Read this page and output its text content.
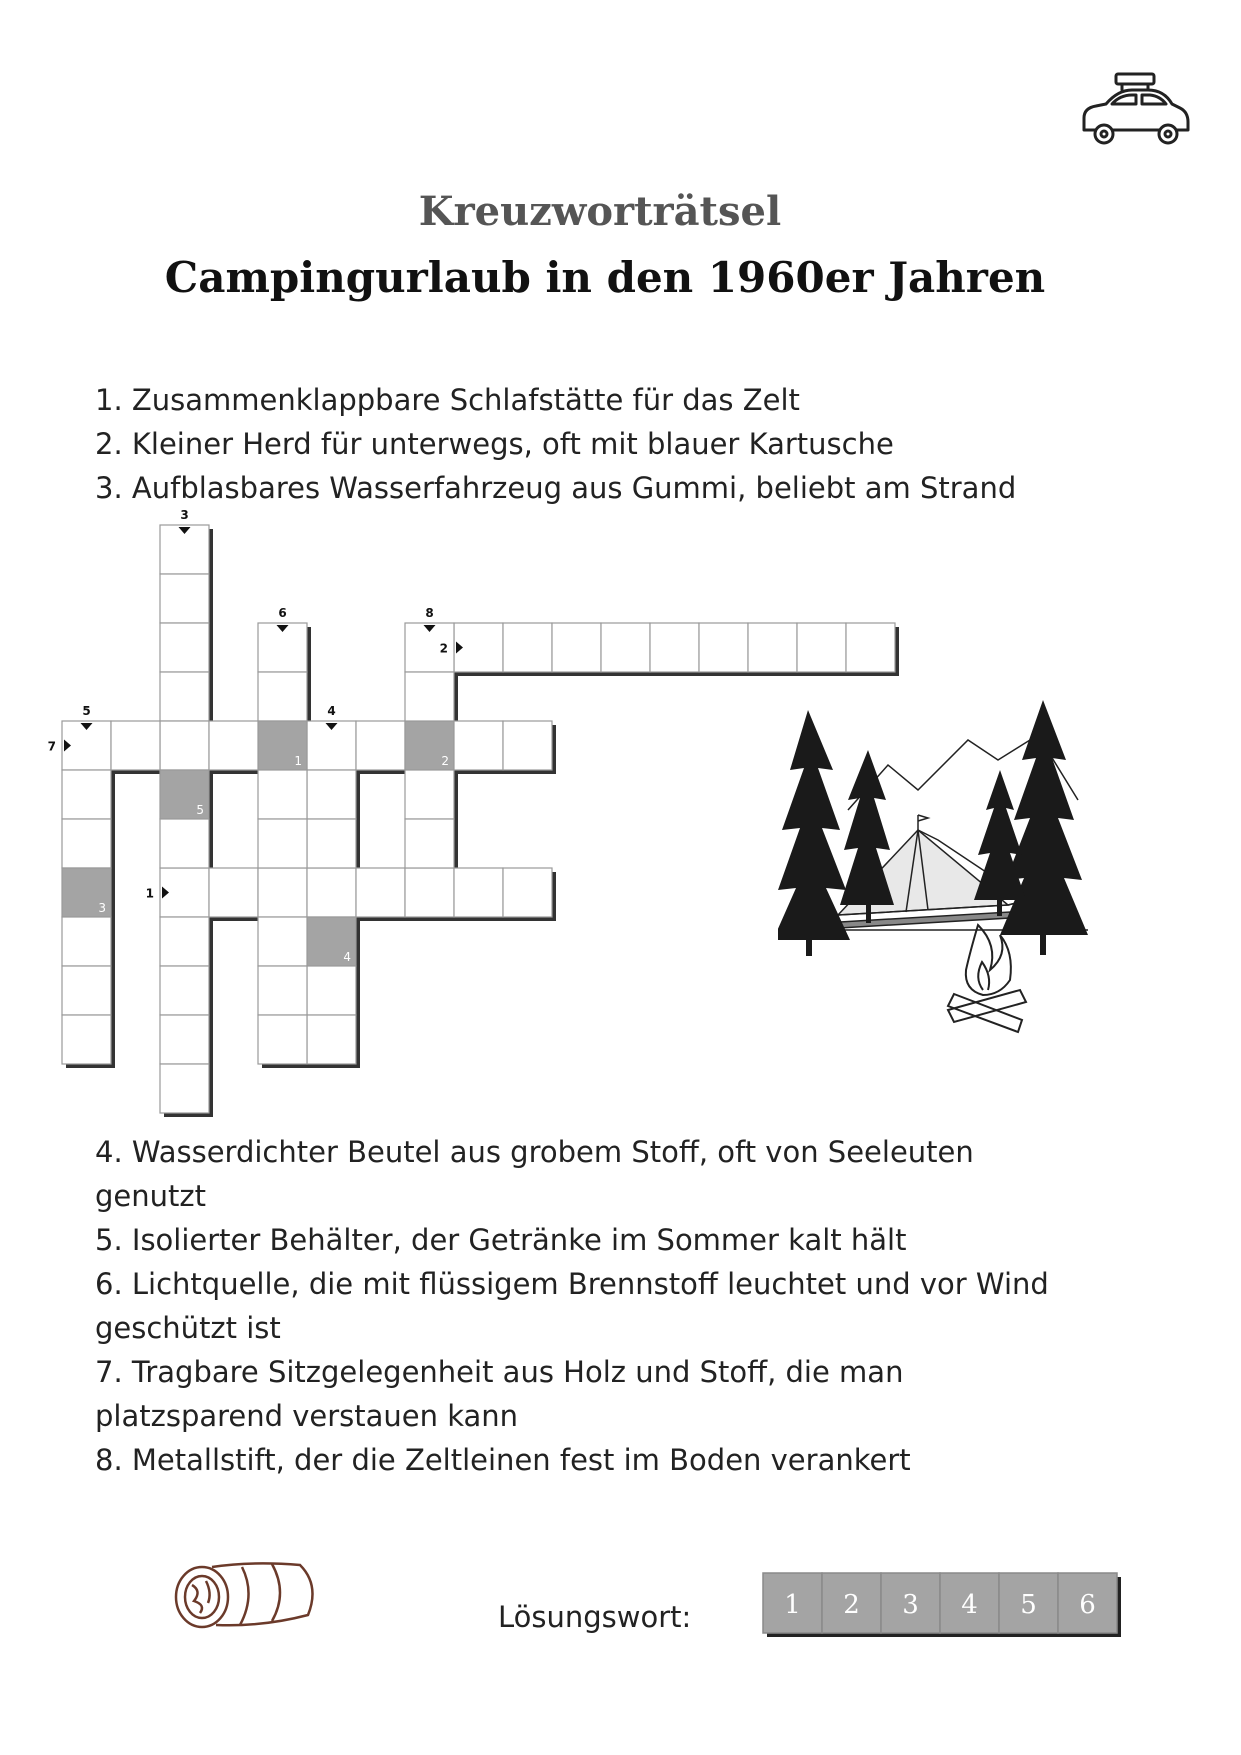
Kreuzworträtsel
Campingurlaub in den 1960er Jahren
1. Zusammenklappbare Schlafstätte für das Zelt
2. Kleiner Herd für unterwegs, oft mit blauer Kartusche
3. Aufblasbares Wasserfahrzeug aus Gummi, beliebt am Strand
4. Wasserdichter Beutel aus grobem Stoff, oft von Seeleuten genutzt
5. Isolierter Behälter, der Getränke im Sommer kalt hält
6. Lichtquelle, die mit flüssigem Brennstoff leuchtet und vor Wind geschützt ist
7. Tragbare Sitzgelegenheit aus Holz und Stoff, die man platzsparend verstauen kann
8. Metallstift, der die Zeltleinen fest im Boden verankert
5
4
3
1	2
1
2
3
4
5
6
7
8
1 2 3 4 5 6
Lösungswort:
